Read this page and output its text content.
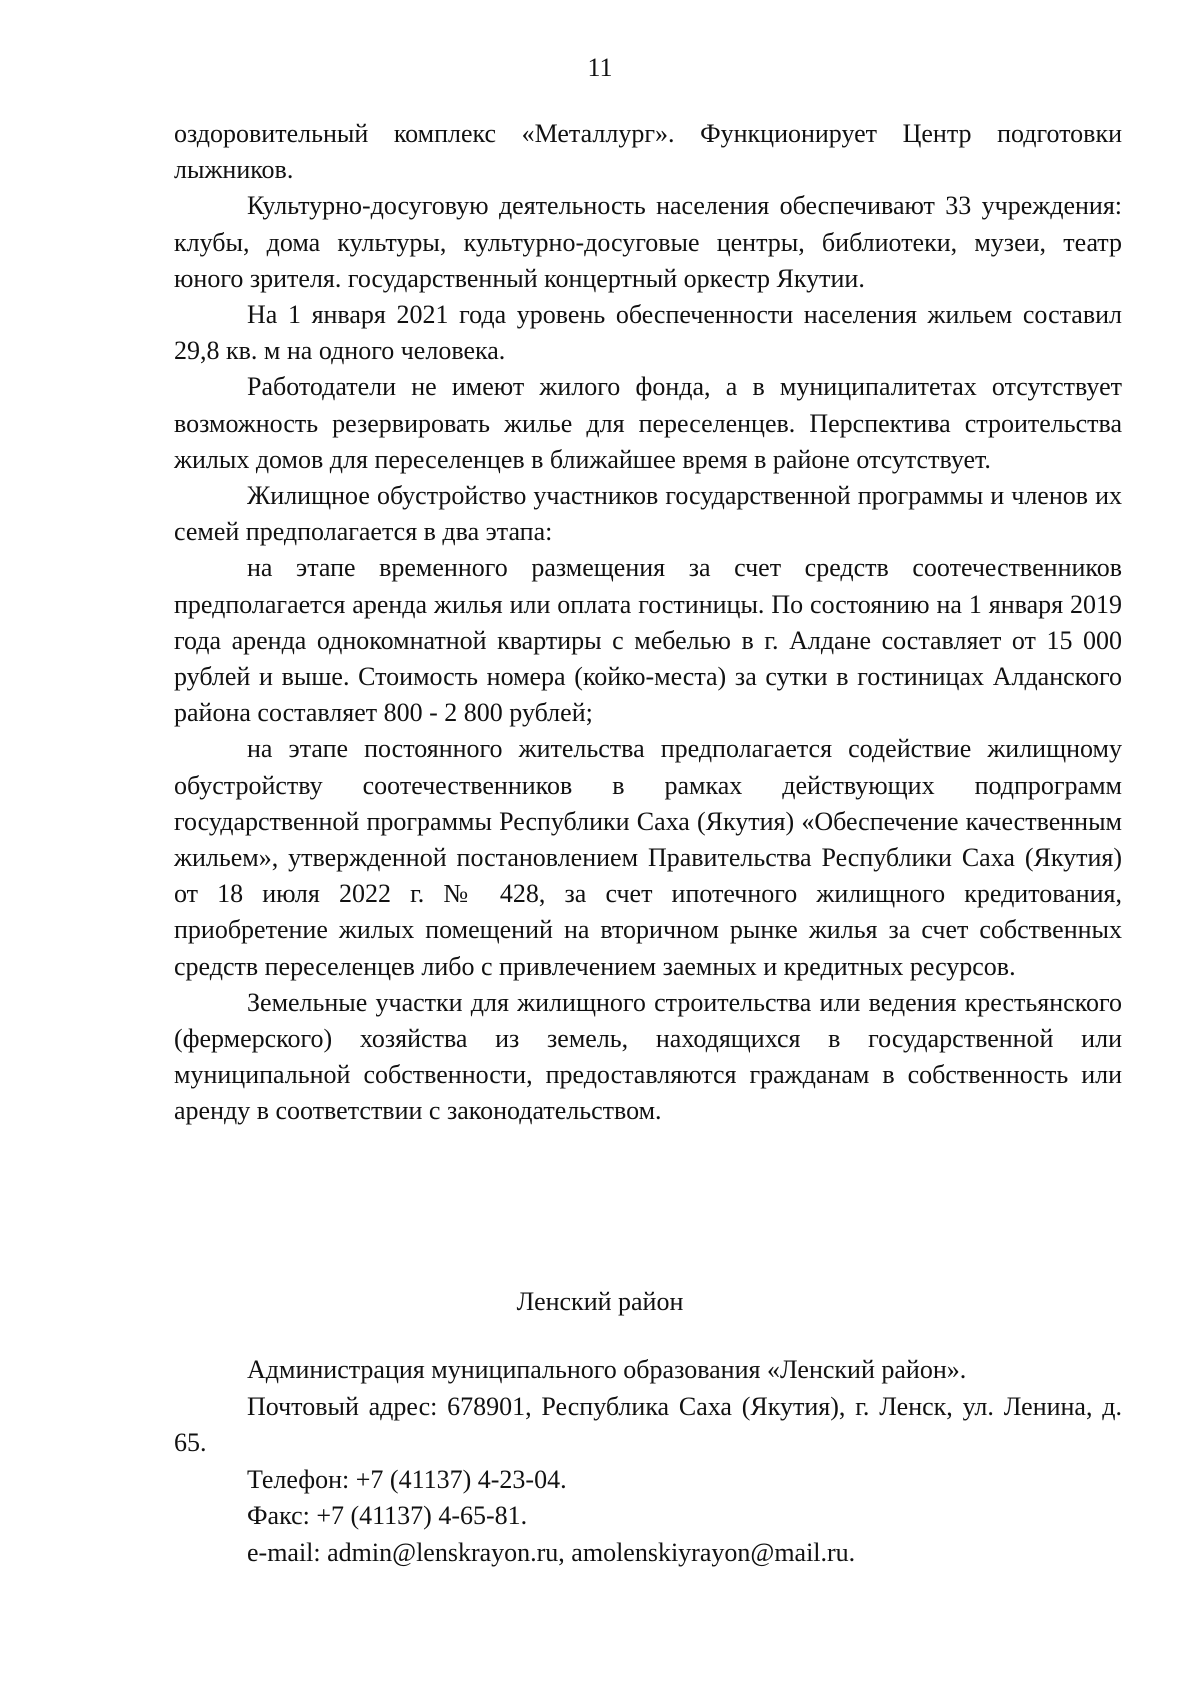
11

оздоровительный комплекс «Металлург». Функционирует Центр подготовки лыжников.

Культурно-досуговую деятельность населения обеспечивают 33 учреждения: клубы, дома культуры, культурно-досуговые центры, библиотеки, музеи, театр юного зрителя. государственный концертный оркестр Якутии.

На 1 января 2021 года уровень обеспеченности населения жильем составил 29,8 кв. м на одного человека.

Работодатели не имеют жилого фонда, а в муниципалитетах отсутствует возможность резервировать жилье для переселенцев. Перспектива строительства жилых домов для переселенцев в ближайшее время в районе отсутствует.

Жилищное обустройство участников государственной программы и членов их семей предполагается в два этапа:

на этапе временного размещения за счет средств соотечественников предполагается аренда жилья или оплата гостиницы. По состоянию на 1 января 2019 года аренда однокомнатной квартиры с мебелью в г. Алдане составляет от 15 000 рублей и выше. Стоимость номера (койко-места) за сутки в гостиницах Алданского района составляет 800 - 2 800 рублей;

на этапе постоянного жительства предполагается содействие жилищному обустройству соотечественников в рамках действующих подпрограмм государственной программы Республики Саха (Якутия) «Обеспечение качественным жильем», утвержденной постановлением Правительства Республики Саха (Якутия) от 18 июля 2022 г. № 428, за счет ипотечного жилищного кредитования, приобретение жилых помещений на вторичном рынке жилья за счет собственных средств переселенцев либо с привлечением заемных и кредитных ресурсов.

Земельные участки для жилищного строительства или ведения крестьянского (фермерского) хозяйства из земель, находящихся в государственной или муниципальной собственности, предоставляются гражданам в собственность или аренду в соответствии с законодательством.

Ленский район

Администрация муниципального образования «Ленский район».

Почтовый адрес: 678901, Республика Саха (Якутия), г. Ленск, ул. Ленина, д. 65.

Телефон: +7 (41137) 4-23-04.

Факс: +7 (41137) 4-65-81.

e-mail: admin@lenskrayon.ru, amolenskiyrayon@mail.ru.
